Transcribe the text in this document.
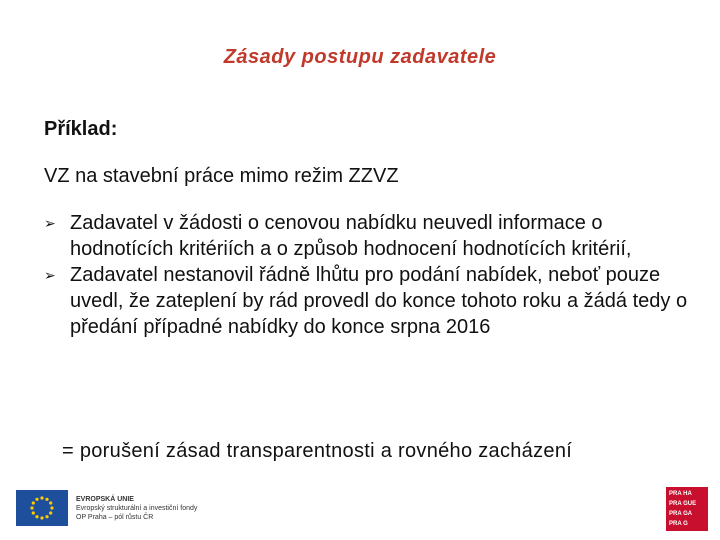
Zásady postupu zadavatele
Příklad:
VZ na stavební práce mimo režim ZZVZ
➢ Zadavatel v žádosti o cenovou nabídku neuvedl informace o hodnotících kritériích a o způsob hodnocení hodnotících kritérií,
➢ Zadavatel nestanovil řádně lhůtu pro podání nabídek, neboť pouze uvedl, že zateplení by rád provedl do konce tohoto roku a žádá tedy o předání případné nabídky do konce srpna 2016
= porušení zásad transparentnosti a rovného zacházení
EVROPSKÁ UNIE
Evropský strukturální a investiční fondy
OP Praha – pól růstu ČR
PRA HA
PRA GUE
PRA GA
PRA G
